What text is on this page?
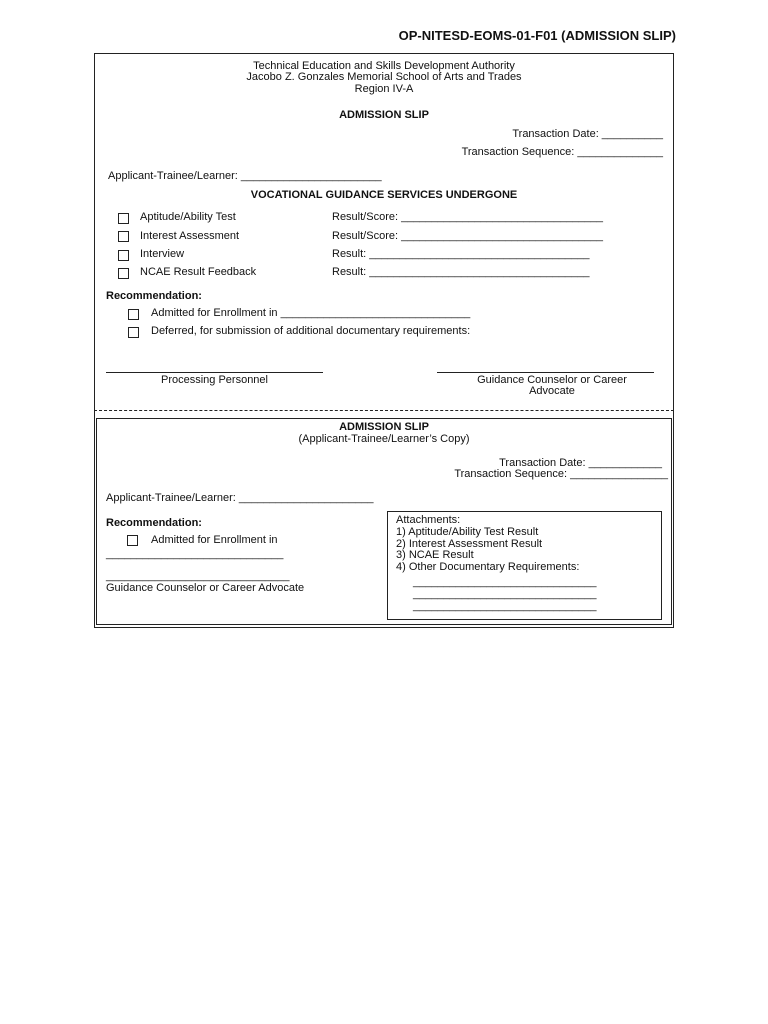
OP-NITESD-EOMS-01-F01 (ADMISSION SLIP)
Technical Education and Skills Development Authority
Jacobo Z. Gonzales Memorial School of Arts and Trades
Region IV-A
ADMISSION SLIP
Transaction Date: __________
Transaction Sequence: ______________
Applicant-Trainee/Learner: _______________________
VOCATIONAL GUIDANCE SERVICES UNDERGONE
Aptitude/Ability Test	Result/Score: _________________________________
Interest Assessment	Result/Score: _________________________________
Interview	Result: ____________________________________
NCAE Result Feedback	Result: ____________________________________
Recommendation:
Admitted for Enrollment in _______________________________
Deferred, for submission of additional documentary requirements:
Processing Personnel	Guidance Counselor or Career
Advocate
ADMISSION SLIP
(Applicant-Trainee/Learner’s Copy)
Transaction Date: ____________
Transaction Sequence: ________________
Applicant-Trainee/Learner: ______________________
Recommendation:
Admitted for Enrollment in
_____________________________
______________________________
Guidance Counselor or Career Advocate
Attachments:
1) Aptitude/Ability Test Result
2) Interest Assessment Result
3) NCAE Result
4) Other Documentary Requirements:
______________________________
______________________________
______________________________
